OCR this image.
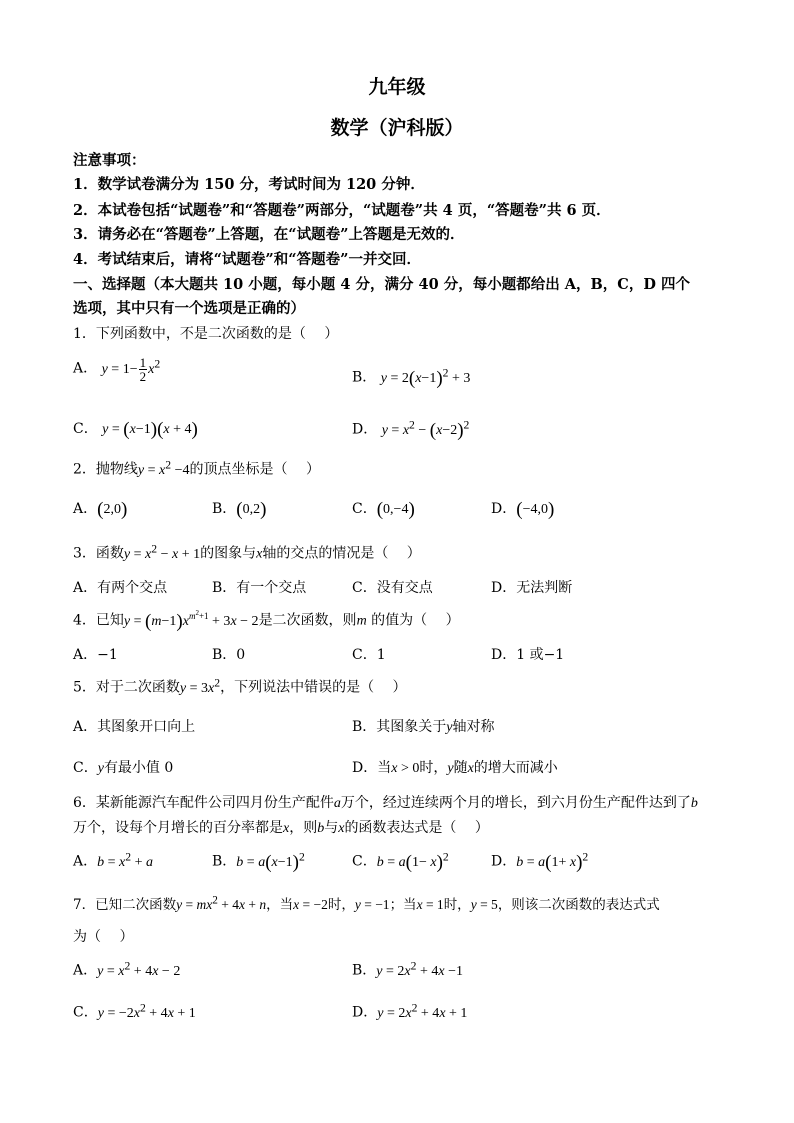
九年级
数学（沪科版）
注意事项：
1．数学试卷满分为 150 分，考试时间为 120 分钟．
2．本试卷包括“试题卷”和“答题卷”两部分，“试题卷”共 4 页，“答题卷”共 6 页．
3．请务必在“答题卷”上答题，在“试题卷”上答题是无效的．
4．考试结束后，请将“试题卷”和“答题卷”一并交回．
一、选择题（本大题共 10 小题，每小题 4 分，满分 40 分，每小题都给出 A，B，C，D 四个
选项，其中只有一个选项是正确的）
1．下列函数中，不是二次函数的是（　 ）
A． $y = 1- \frac{1}{2} x^2$
B． $y = 2(x-1)^2 + 3$
C． y = (x−1)(x + 4)	D． $y = x^2 - (x-2)^2$
2．抛物线$y = x^2 -4$的顶点坐标是（　 ）
A．(2,0)	B．(0,2)	C．(0,−4)	D．(−4,0)
3．函数$y = x^2 - x + 1$的图象与x轴的交点的情况是（　 ）
A．有两个交点	B．有一个交点	C．没有交点	D．无法判断
4．已知$y = (m-1)x^{m^2+1} + 3x - 2$是二次函数，则m 的值为（　 ）
A．−1	B．0	C．1	D．1 或−1
5．对于二次函数$y = 3x^2$，下列说法中错误的是（　 ）
A．其图象开口向上	B．其图象关于y轴对称
C．y有最小值 0	D．当x > 0时，y随x的增大而减小
6．某新能源汽车配件公司四月份生产配件a万个，经过连续两个月的增长，到六月份生产配件达到了b
万个，设每个月增长的百分率都是x，则b与x的函数表达式是（　 ）
A．$b = x^2 + a$	B．$b = a(x-1)^2$	C．$b = a(1- x)^2$	D．$b = a(1+ x)^2$
7．已知二次函数$y = mx^2 + 4x + n$，当x = −2时，y = −1；当x = 1时，y = 5，则该二次函数的表达式式
为（　 ）
A．$y = x^2 + 4x - 2$	B．$y = 2x^2 + 4x -1$
C．$y = -2x^2 + 4x + 1$	D．$y = 2x^2 + 4x + 1$
